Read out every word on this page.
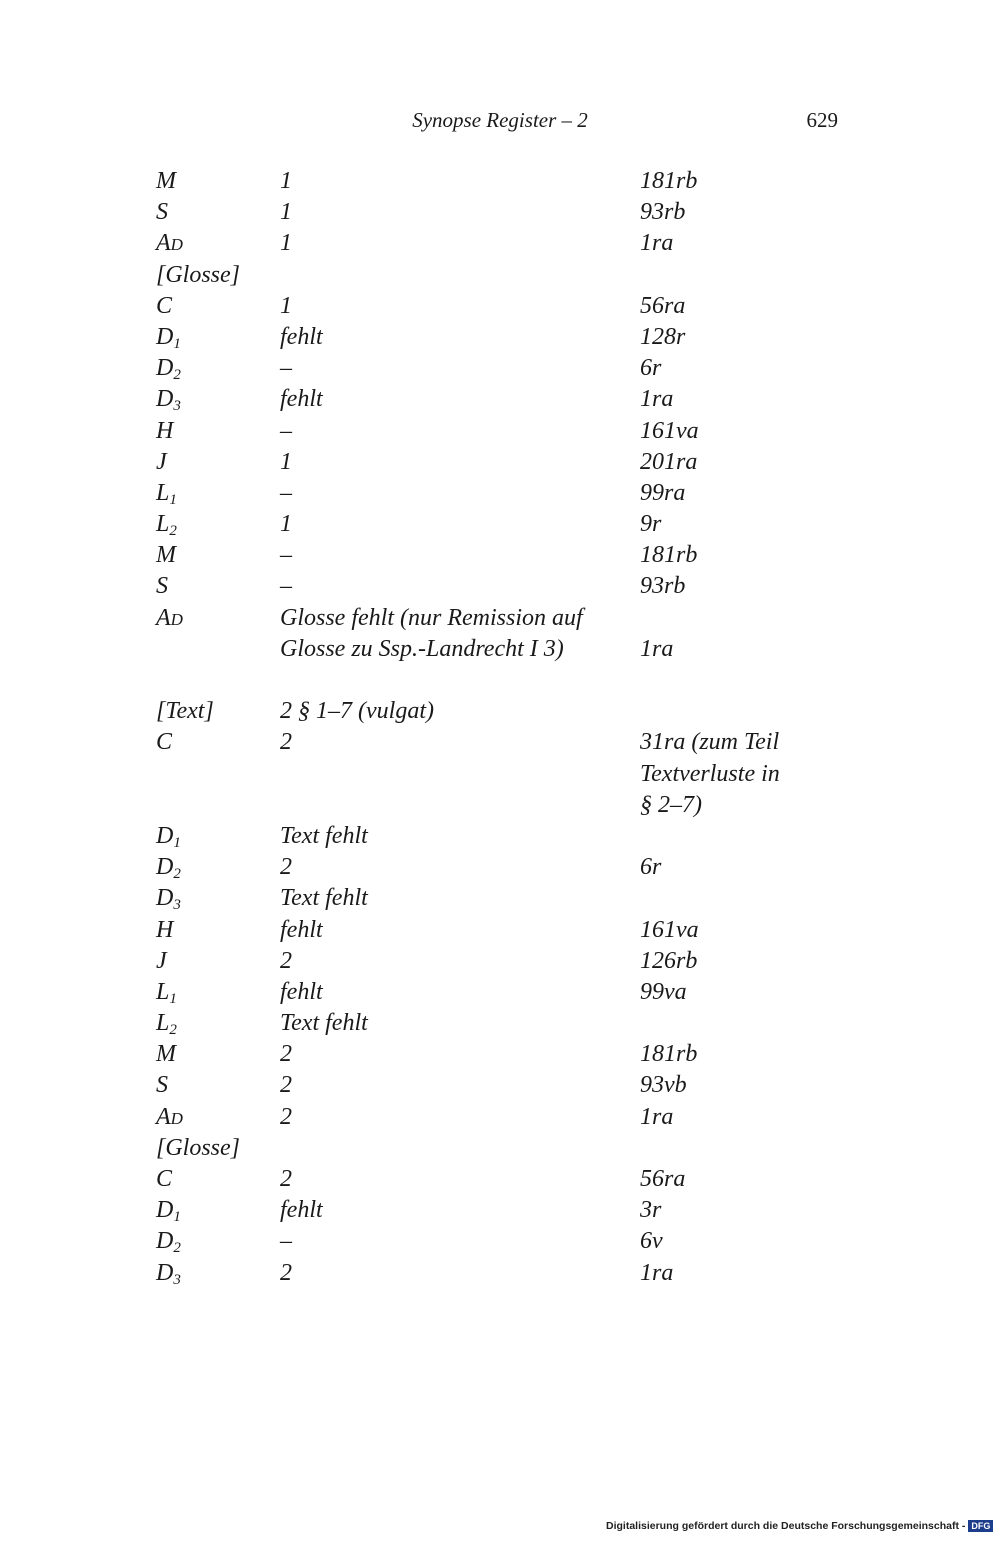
Synopse Register – 2	629
M	1	181rb
S	1	93rb
AD	1	1ra
[Glosse]
C	1	56ra
$D_1$	fehlt	128r
$D_2$	–	6r
$D_3$	fehlt	1ra
H	–	161va
J	1	201ra
$L_1$	–	99ra
$L_2$	1	9r
M	–	181rb
S	–	93rb
AD	Glosse fehlt (nur Remission auf
Glosse zu Ssp.-Landrecht I 3)	1ra
[Text]	2 § 1–7 (vulgat)
C	2	31ra (zum Teil
Textverluste in
§ 2–7)
$D_1$	Text fehlt
$D_2$	2	6r
$D_3$	Text fehlt
H	fehlt	161va
J	2	126rb
$L_1$	fehlt	99va
$L_2$	Text fehlt
M	2	181rb
S	2	93vb
AD	2	1ra
[Glosse]
C	2	56ra
$D_1$	fehlt	3r
$D_2$	–	6v
$D_3$	2	1ra
Digitalisierung gefördert durch die Deutsche Forschungsgemeinschaft - DFG
